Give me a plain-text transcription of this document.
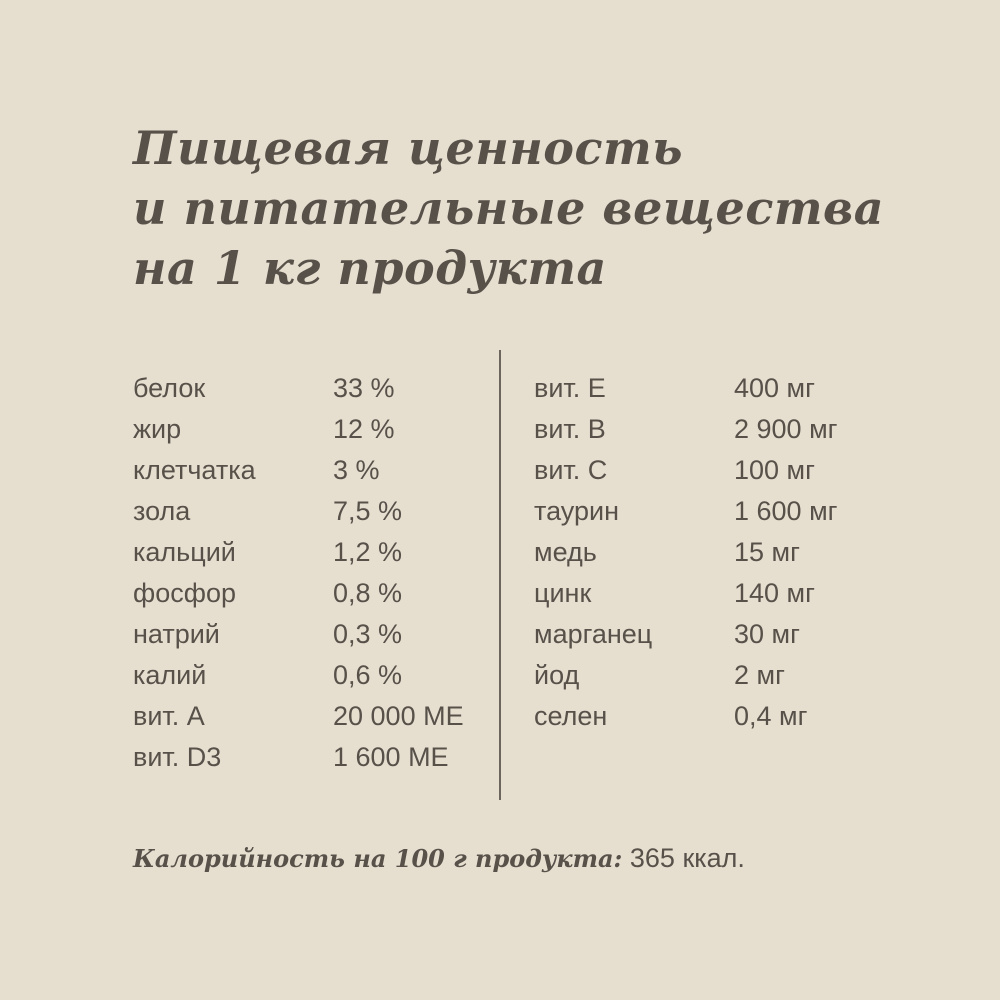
Пищевая ценность
и питательные вещества
на 1 кг продукта
белок	33 %
жир	12 %
клетчатка	3 %
зола	7,5 %
кальций	1,2 %
фосфор	0,8 %
натрий	0,3 %
калий	0,6 %
вит. А	20 000 МЕ
вит. D3	1 600 МЕ
вит. Е	400 мг
вит. В	2 900 мг
вит. С	100 мг
таурин	1 600 мг
медь	15 мг
цинк	140 мг
марганец	30 мг
йод	2 мг
селен	0,4 мг
Калорийность на 100 г продукта: 365 ккал.
